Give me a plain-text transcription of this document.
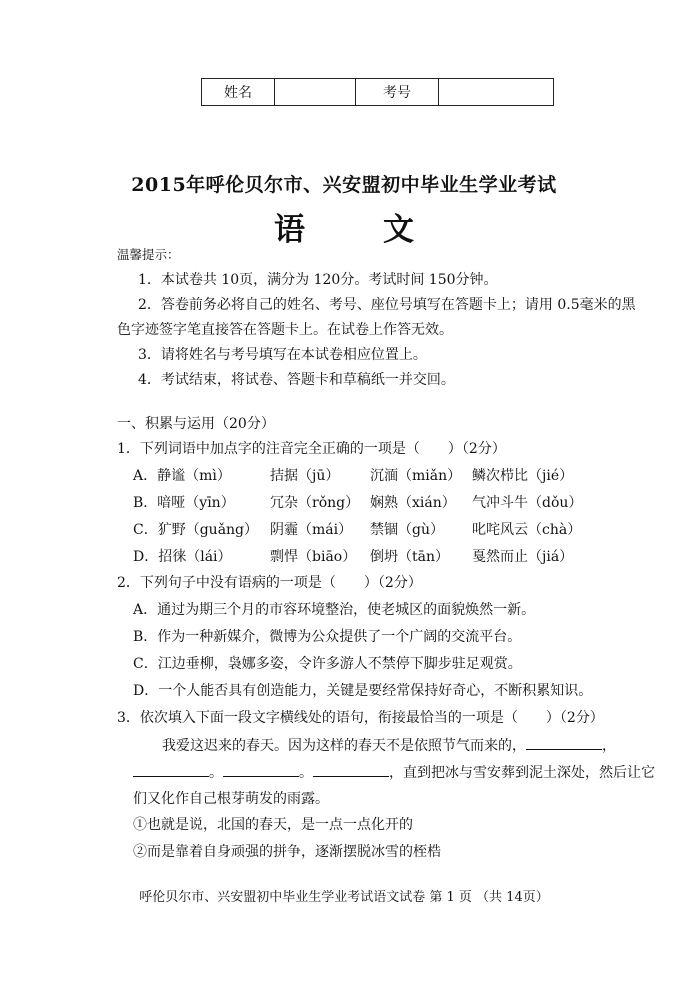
姓名		考号	
2015年呼伦贝尔市、兴安盟初中毕业生学业考试
语文
温馨提示：
1．本试卷共 10页，满分为 120分。考试时间 150分钟。
2．答卷前务必将自己的姓名、考号、座位号填写在答题卡上；请用 0.5毫米的黑
色字迹签字笔直接答在答题卡上。在试卷上作答无效。
3．请将姓名与考号填写在本试卷相应位置上。
4．考试结束，将试卷、答题卡和草稿纸一并交回。
一、积累与运用（20分）
1．下列词语中加点字的注音完全正确的一项是（　　）（2分）
A．静谧（mì）	拮据（jū） 沉湎（miǎn） 鳞次栉比（jié）
B．喑哑（yīn）	冗杂（rǒng） 娴熟（xián） 气冲斗牛（dǒu）
C．犷野（guǎng） 阴霾（mái） 禁锢（gù） 叱咤风云（chà）
D．招徕（lái）	剽悍（biāo） 倒坍（tān） 戛然而止（jiá）
2．下列句子中没有语病的一项是（　　）（2分）
A．通过为期三个月的市容环境整治，使老城区的面貌焕然一新。
B．作为一种新媒介，微博为公众提供了一个广阔的交流平台。
C．江边垂柳，袅娜多姿，令许多游人不禁停下脚步驻足观赏。
D．一个人能否具有创造能力，关键是要经常保持好奇心，不断积累知识。
3．依次填入下面一段文字横线处的语句，衔接最恰当的一项是（　　）（2分）
我爱这迟来的春天。因为这样的春天不是依照节气而来的，	，
。	。	，直到把冰与雪安葬到泥土深处，然后让它
们又化作自己根芽萌发的雨露。
①也就是说，北国的春天，是一点一点化开的
②而是靠着自身顽强的拼争，逐渐摆脱冰雪的桎梏
呼伦贝尔市、兴安盟初中毕业生学业考试语文试卷 第 1 页 （共 14页）
